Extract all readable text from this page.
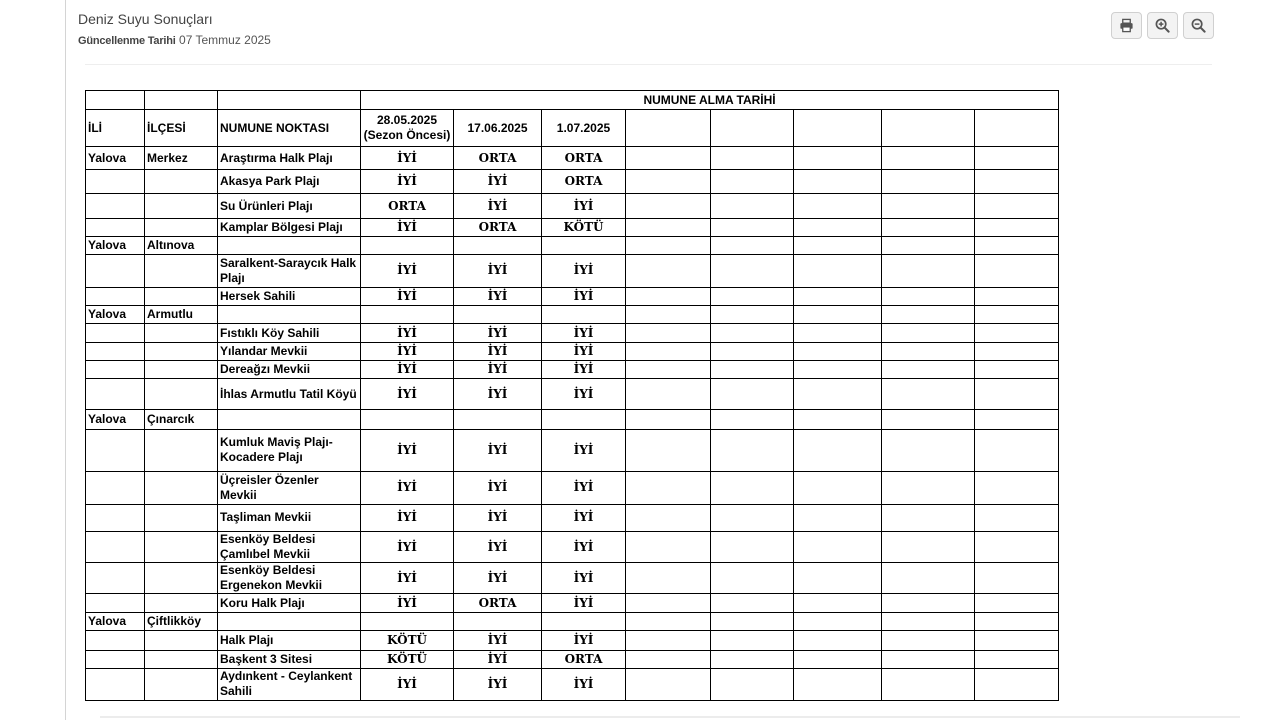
Deniz Suyu Sonuçları
Güncellenme Tarihi 07 Temmuz 2025
			NUMUNE ALMA TARİHİ							
İLİ	İLÇESİ	NUMUNE NOKTASI	28.05.2025 (Sezon Öncesi)	17.06.2025	1.07.2025					
Yalova	Merkez	Araştırma Halk Plajı	İYİ	ORTA	ORTA					
		Akasya Park Plajı	İYİ	İYİ	ORTA					
		Su Ürünleri Plajı	ORTA	İYİ	İYİ					
		Kamplar Bölgesi Plajı	İYİ	ORTA	KÖTÜ					
Yalova	Altınova									
		Saralkent-Saraycık Halk Plajı	İYİ	İYİ	İYİ					
		Hersek Sahili	İYİ	İYİ	İYİ					
Yalova	Armutlu									
		Fıstıklı Köy Sahili	İYİ	İYİ	İYİ					
		Yılandar Mevkii	İYİ	İYİ	İYİ					
		Dereağzı Mevkii	İYİ	İYİ	İYİ					
		İhlas Armutlu Tatil Köyü	İYİ	İYİ	İYİ					
Yalova	Çınarcık									
		Kumluk Maviş Plajı-Kocadere Plajı	İYİ	İYİ	İYİ					
		Üçreisler Özenler Mevkii	İYİ	İYİ	İYİ					
		Taşliman Mevkii	İYİ	İYİ	İYİ					
		Esenköy Beldesi Çamlıbel Mevkii	İYİ	İYİ	İYİ					
		Esenköy Beldesi Ergenekon Mevkii	İYİ	İYİ	İYİ					
		Koru Halk Plajı	İYİ	ORTA	İYİ					
Yalova	Çiftlikköy									
		Halk Plajı	KÖTÜ	İYİ	İYİ					
		Başkent 3 Sitesi	KÖTÜ	İYİ	ORTA					
		Aydınkent - Ceylankent Sahili	İYİ	İYİ	İYİ					
